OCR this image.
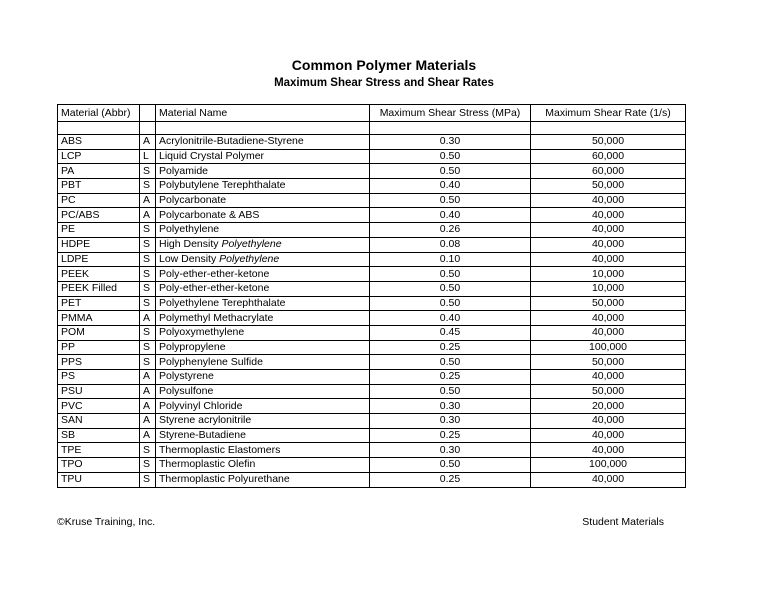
Common Polymer Materials
Maximum Shear Stress and Shear Rates
Material (Abbr)		Material Name	Maximum Shear Stress (MPa)	Maximum Shear Rate (1/s)

ABS	A	Acrylonitrile-Butadiene-Styrene	0.30	50,000
LCP	L	Liquid Crystal Polymer	0.50	60,000
PA	S	Polyamide	0.50	60,000
PBT	S	Polybutylene Terephthalate	0.40	50,000
PC	A	Polycarbonate	0.50	40,000
PC/ABS	A	Polycarbonate & ABS	0.40	40,000
PE	S	Polyethylene	0.26	40,000
HDPE	S	High Density Polyethylene	0.08	40,000
LDPE	S	Low Density Polyethylene	0.10	40,000
PEEK	S	Poly-ether-ether-ketone	0.50	10,000
PEEK Filled	S	Poly-ether-ether-ketone	0.50	10,000
PET	S	Polyethylene Terephthalate	0.50	50,000
PMMA	A	Polymethyl Methacrylate	0.40	40,000
POM	S	Polyoxymethylene	0.45	40,000
PP	S	Polypropylene	0.25	100,000
PPS	S	Polyphenylene Sulfide	0.50	50,000
PS	A	Polystyrene	0.25	40,000
PSU	A	Polysulfone	0.50	50,000
PVC	A	Polyvinyl Chloride	0.30	20,000
SAN	A	Styrene acrylonitrile	0.30	40,000
SB	A	Styrene-Butadiene	0.25	40,000
TPE	S	Thermoplastic Elastomers	0.30	40,000
TPO	S	Thermoplastic Olefin	0.50	100,000
TPU	S	Thermoplastic Polyurethane	0.25	40,000
©Kruse Training, Inc.	Student Materials
